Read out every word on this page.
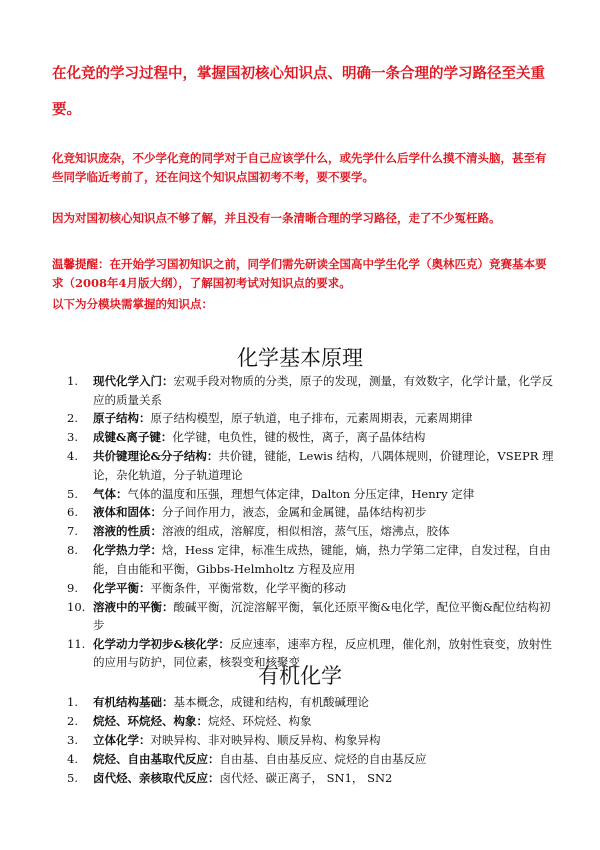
在化竞的学习过程中，掌握国初核心知识点、明确一条合理的学习路径至关重要。
化竞知识庞杂，不少学化竞的同学对于自己应该学什么，或先学什么后学什么摸不清头脑，甚至有些同学临近考前了，还在问这个知识点国初考不考，要不要学。
因为对国初核心知识点不够了解，并且没有一条清晰合理的学习路径，走了不少冤枉路。
温馨提醒：在开始学习国初知识之前，同学们需先研读全国高中学生化学（奥林匹克）竞赛基本要求（2008年4月版大纲），了解国初考试对知识点的要求。
以下为分模块需掌握的知识点：
化学基本原理
1.	现代化学入门：宏观手段对物质的分类，原子的发现，测量，有效数字，化学计量，化学反应的质量关系
2.	原子结构：原子结构模型，原子轨道，电子排布，元素周期表，元素周期律
3.	成键&离子键：化学键，电负性，键的极性，离子，离子晶体结构
4.	共价键理论&分子结构：共价键，键能，Lewis 结构，八隅体规则，价键理论，VSEPR 理论，杂化轨道，分子轨道理论
5.	气体：气体的温度和压强，理想气体定律，Dalton 分压定律，Henry 定律
6.	液体和固体：分子间作用力，液态，金属和金属键，晶体结构初步
7.	溶液的性质：溶液的组成，溶解度，相似相溶，蒸气压，熔沸点，胶体
8.	化学热力学：焓，Hess 定律，标准生成热，键能，熵，热力学第二定律，自发过程，自由能，自由能和平衡，Gibbs-Helmholtz 方程及应用
9.	化学平衡：平衡条件，平衡常数，化学平衡的移动
10. 溶液中的平衡：酸碱平衡，沉淀溶解平衡，氧化还原平衡&电化学，配位平衡&配位结构初步
11. 化学动力学初步&核化学：反应速率，速率方程，反应机理，催化剂，放射性衰变，放射性的应用与防护，同位素，核裂变和核聚变
有机化学
1.	有机结构基础：基本概念，成键和结构，有机酸碱理论
2.	烷烃、环烷烃、构象：烷烃、环烷烃、构象
3.	立体化学：对映异构、非对映异构、顺反异构、构象异构
4.	烷烃、自由基取代反应：自由基、自由基反应、烷烃的自由基反应
5.	卤代烃、亲核取代反应：卤代烃、碳正离子， SN1， SN2
